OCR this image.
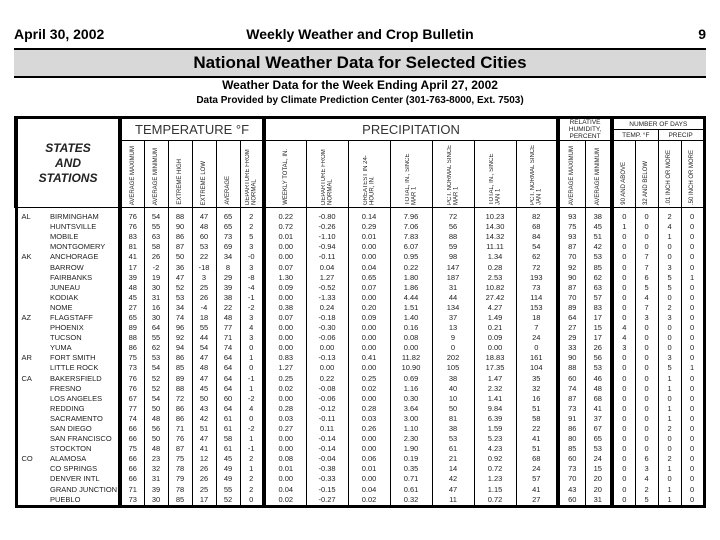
April 30, 2002	Weekly Weather and Crop Bulletin	9
National Weather Data for Selected Cities
Weather Data for the Week Ending April 27, 2002
Data Provided by Climate Prediction Center (301-763-8000, Ext. 7503)
STATES
AND
STATIONS		TEMPERATURE °F						PRECIPITATION							RELATIVE HUMIDITY, PERCENT		NUMBER OF DAYS			
																	TEMP. °F		PRECIP	
		AVERAGE MAXIMUM	AVERAGE MINIMUM	EXTREME HIGH	EXTREME LOW	AVERAGE	DEPARTURE FROM NORMAL	WEEKLY TOTAL, IN.	DEPARTURE FROM NORMAL	GREATEST IN 24-HOUR, IN.	TOTAL, IN., SINCE MAR 1	PCT. NORMAL SINCE MAR 1	TOTAL, IN., SINCE JAN 1	PCT. NORMAL SINCE JAN 1	AVERAGE MAXIMUM	AVERAGE MINIMUM	90 AND ABOVE	32 AND BELOW	.01 INCH OR MORE	.50 INCH OR MORE
AL	BIRMINGHAM	76	54	88	47	65	2	0.22	-0.80	0.14	7.96	72	10.23	82	93	38	0	0	2	0
	HUNTSVILLE	76	55	90	48	65	2	0.72	-0.26	0.29	7.06	56	14.30	68	75	45	1	0	4	0
	MOBILE	83	63	86	60	73	5	0.01	-1.10	0.01	7.83	88	14.32	84	93	51	0	0	1	0
	MONTGOMERY	81	58	87	53	69	3	0.00	-0.94	0.00	6.07	59	11.11	54	87	42	0	0	0	0
AK	ANCHORAGE	41	26	50	22	34	-0	0.00	-0.11	0.00	0.95	98	1.34	62	70	53	0	7	0	0
	BARROW	17	-2	36	-18	8	3	0.07	0.04	0.04	0.22	147	0.28	72	92	85	0	7	3	0
	FAIRBANKS	39	19	47	3	29	-8	1.30	1.27	0.65	1.80	187	2.53	193	90	62	0	6	5	1
	JUNEAU	48	30	52	25	39	-4	0.09	-0.52	0.07	1.86	31	10.82	73	87	63	0	5	5	0
	KODIAK	45	31	53	26	38	-1	0.00	-1.33	0.00	4.44	44	27.42	114	70	57	0	4	0	0
	NOME	27	16	34	-4	22	-2	0.38	0.24	0.20	1.51	134	4.27	153	89	83	0	7	2	0
AZ	FLAGSTAFF	65	30	74	18	48	3	0.07	-0.18	0.09	1.40	37	1.49	18	64	17	0	3	3	0
	PHOENIX	89	64	96	55	77	4	0.00	-0.30	0.00	0.16	13	0.21	7	27	15	4	0	0	0
	TUCSON	88	55	92	44	71	3	0.00	-0.06	0.00	0.08	9	0.09	24	29	17	4	0	0	0
	YUMA	86	62	94	54	74	0	0.00	0.00	0.00	0.00	0	0.00	0	33	26	3	0	0	0
AR	FORT SMITH	75	53	86	47	64	1	0.83	-0.13	0.41	11.82	202	18.83	161	90	56	0	0	3	0
	LITTLE ROCK	73	54	85	48	64	0	1.27	0.00	0.00	10.90	105	17.35	104	88	53	0	0	5	1
CA	BAKERSFIELD	76	52	89	47	64	-1	0.25	0.22	0.25	0.69	38	1.47	35	60	46	0	0	1	0
	FRESNO	76	52	88	45	64	1	0.02	-0.08	0.02	1.16	40	2.32	32	74	48	0	0	1	0
	LOS ANGELES	67	54	72	50	60	-2	0.00	-0.06	0.00	0.30	10	1.41	16	87	68	0	0	0	0
	REDDING	77	50	86	43	64	4	0.28	-0.12	0.28	3.64	50	9.84	51	73	41	0	0	1	0
	SACRAMENTO	74	48	86	42	61	0	0.03	-0.11	0.03	3.00	81	6.39	58	91	37	0	0	1	0
	SAN DIEGO	66	56	71	51	61	-2	0.27	0.11	0.26	1.10	38	1.59	22	86	67	0	0	2	0
	SAN FRANCISCO	66	50	76	47	58	1	0.00	-0.14	0.00	2.30	53	5.23	41	80	65	0	0	0	0
	STOCKTON	75	48	87	41	61	-1	0.00	-0.14	0.00	1.90	61	4.23	51	85	53	0	0	0	0
CO	ALAMOSA	66	23	75	12	45	2	0.08	-0.04	0.06	0.19	21	0.92	68	60	24	0	6	2	0
	CO SPRINGS	66	32	78	26	49	1	0.01	-0.38	0.01	0.35	14	0.72	24	73	15	0	3	1	0
	DENVER INTL	66	31	79	26	49	2	0.00	-0.33	0.00	0.71	42	1.23	57	70	20	0	4	0	0
	GRAND JUNCTION	71	39	78	25	55	2	0.04	-0.15	0.04	0.61	47	1.15	41	43	20	0	2	1	0
	PUEBLO	73	30	85	17	52	0	0.02	-0.27	0.02	0.32	11	0.72	27	60	31	0	5	1	0
